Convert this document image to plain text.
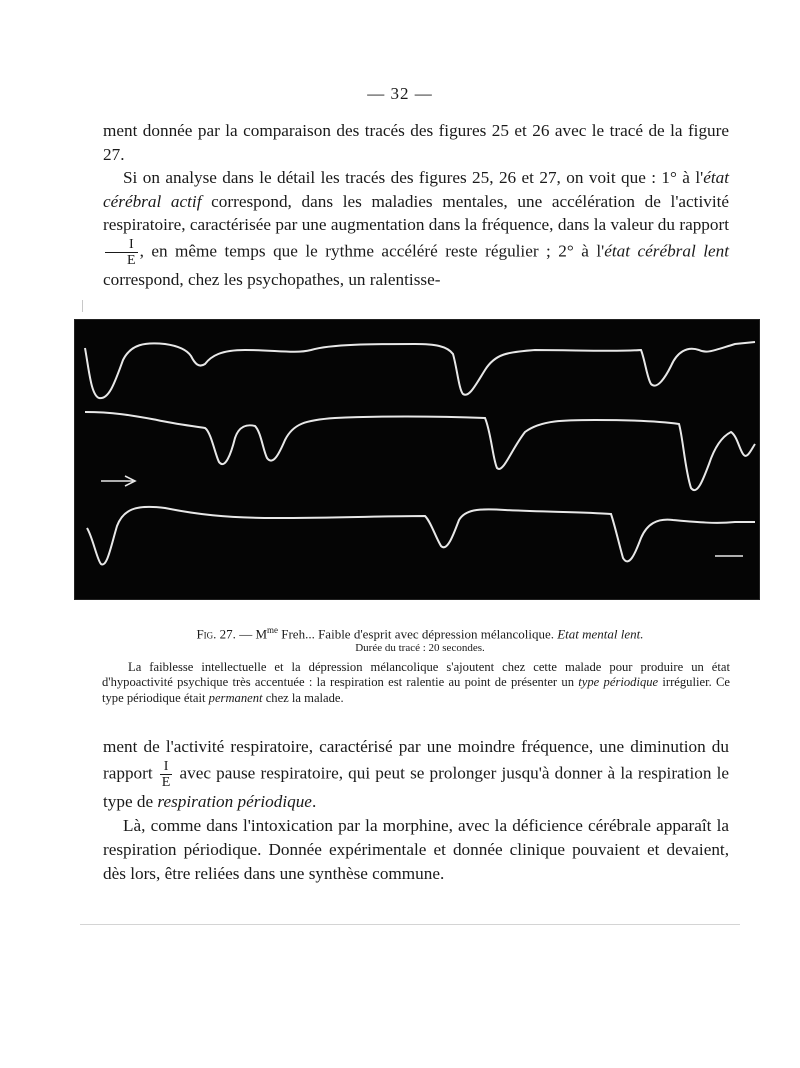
— 32 —

ment donnée par la comparaison des tracés des figures 25 et 26 avec le tracé de la figure 27.

Si on analyse dans le détail les tracés des figures 25, 26 et 27, on voit que : 1° à l'état cérébral actif correspond, dans les maladies mentales, une accélération de l'activité respiratoire, caractérisée par une augmentation dans la fréquence, dans la valeur du rapport
$\frac{I}{E}$ , en même temps que le rythme accéléré reste régulier ; 2° à l'état cérébral lent correspond, chez les psychopathes, un ralentisse-

Fig. 27. — $M^{me}$ Freh... Faible d'esprit avec dépression mélancolique. Etat mental lent.
Durée du tracé : 20 secondes.
La faiblesse intellectuelle et la dépression mélancolique s'ajoutent chez cette malade pour produire un état d'hypoactivité psychique très accentuée : la respiration est ralentie au point de présenter un type périodique irrégulier. Ce type périodique était permanent chez la malade.

ment de l'activité respiratoire, caractérisé par une moindre fréquence, une diminution du rapport $\frac{I}{E}$ avec pause respiratoire, qui peut se prolonger jusqu'à donner à la respiration le type de respiration périodique.

Là, comme dans l'intoxication par la morphine, avec la déficience cérébrale apparaît la respiration périodique. Donnée expérimentale et donnée clinique pouvaient et devaient, dès lors, être reliées dans une synthèse commune.
